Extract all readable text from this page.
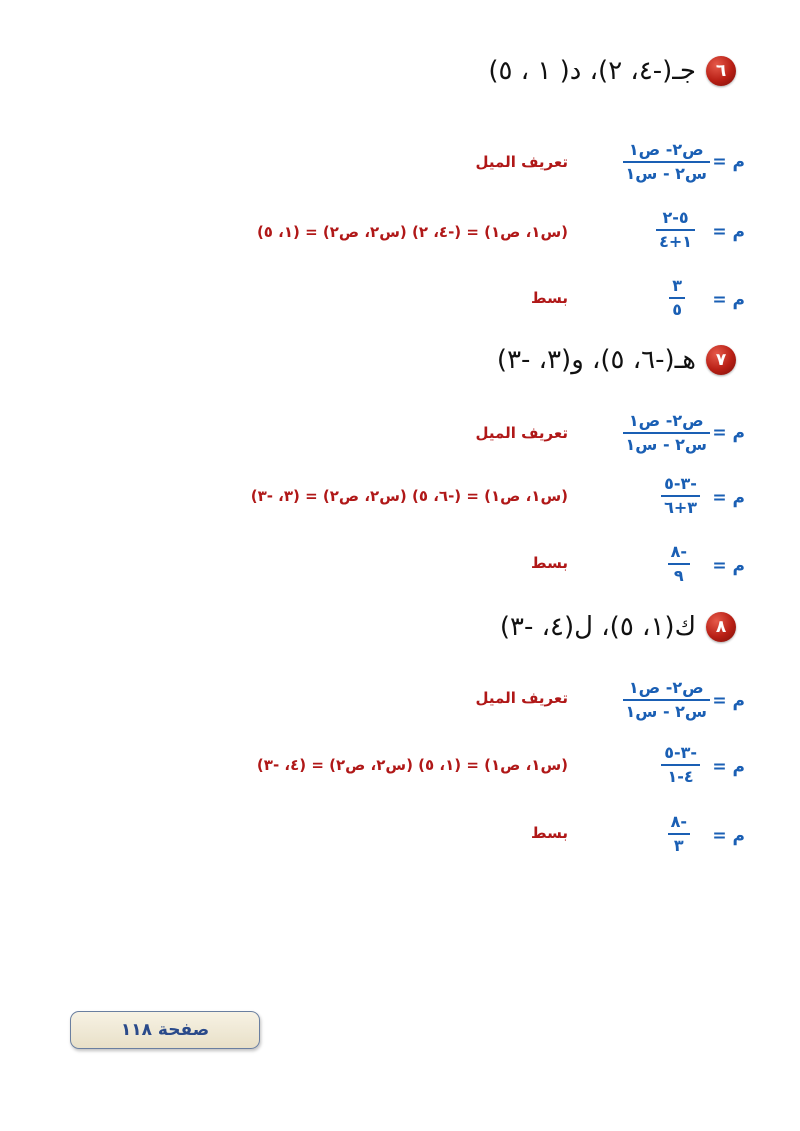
٦
جـ(-٤، ٢)، د( ١ ، ٥)
م =
ص٢- ص١
س٢ - س١
تعريف الميل
م =
٥-٢
١+٤
(س١، ص١) = (-٤، ٢) (س٢، ص٢) = (١، ٥)
م =
٣
٥
بسط
٧
هـ(-٦، ٥)، و(٣، -٣)
م =
ص٢- ص١
س٢ - س١
تعريف الميل
م =
-٣-٥
٣+٦
(س١، ص١) = (-٦، ٥) (س٢، ص٢) = (٣، -٣)
م =
-٨
٩
بسط
٨
ك(١، ٥)، ل(٤، -٣)
م =
ص٢- ص١
س٢ - س١
تعريف الميل
م =
-٣-٥
٤-١
(س١، ص١) = (١، ٥) (س٢، ص٢) = (٤، -٣)
م =
-٨
٣
بسط
صفحة ١١٨
